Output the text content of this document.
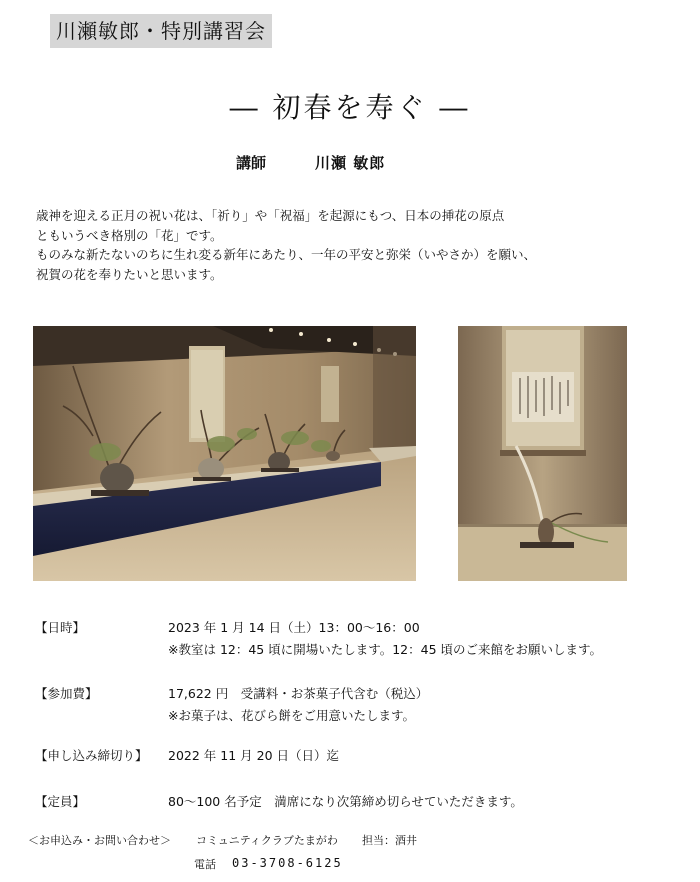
川瀬敏郎・特別講習会
― 初春を寿ぐ ―
講師	川瀬 敏郎
歳神を迎える正月の祝い花は、「祈り」や「祝福」を起源にもつ、日本の挿花の原点
ともいうべき格別の「花」です。
ものみな新たないのちに生れ変る新年にあたり、一年の平安と弥栄（いやさか）を願い、
祝賀の花を奉りたいと思います。
【日時】	2023 年 1 月 14 日（土）13：00〜16：00
※教室は 12：45 頃に開場いたします。12：45 頃のご来館をお願いします。
【参加費】	17,622 円　受講料・お茶菓子代含む（税込）
※お菓子は、花びら餅をご用意いたします。
【申し込み締切り】 2022 年 11 月 20 日（日）迄
【定員】	80〜100 名予定　満席になり次第締め切らせていただきます。
＜お申込み・お問い合わせ＞ コミュニティクラブたまがわ 担当：酒井
電話 03-3708-6125
